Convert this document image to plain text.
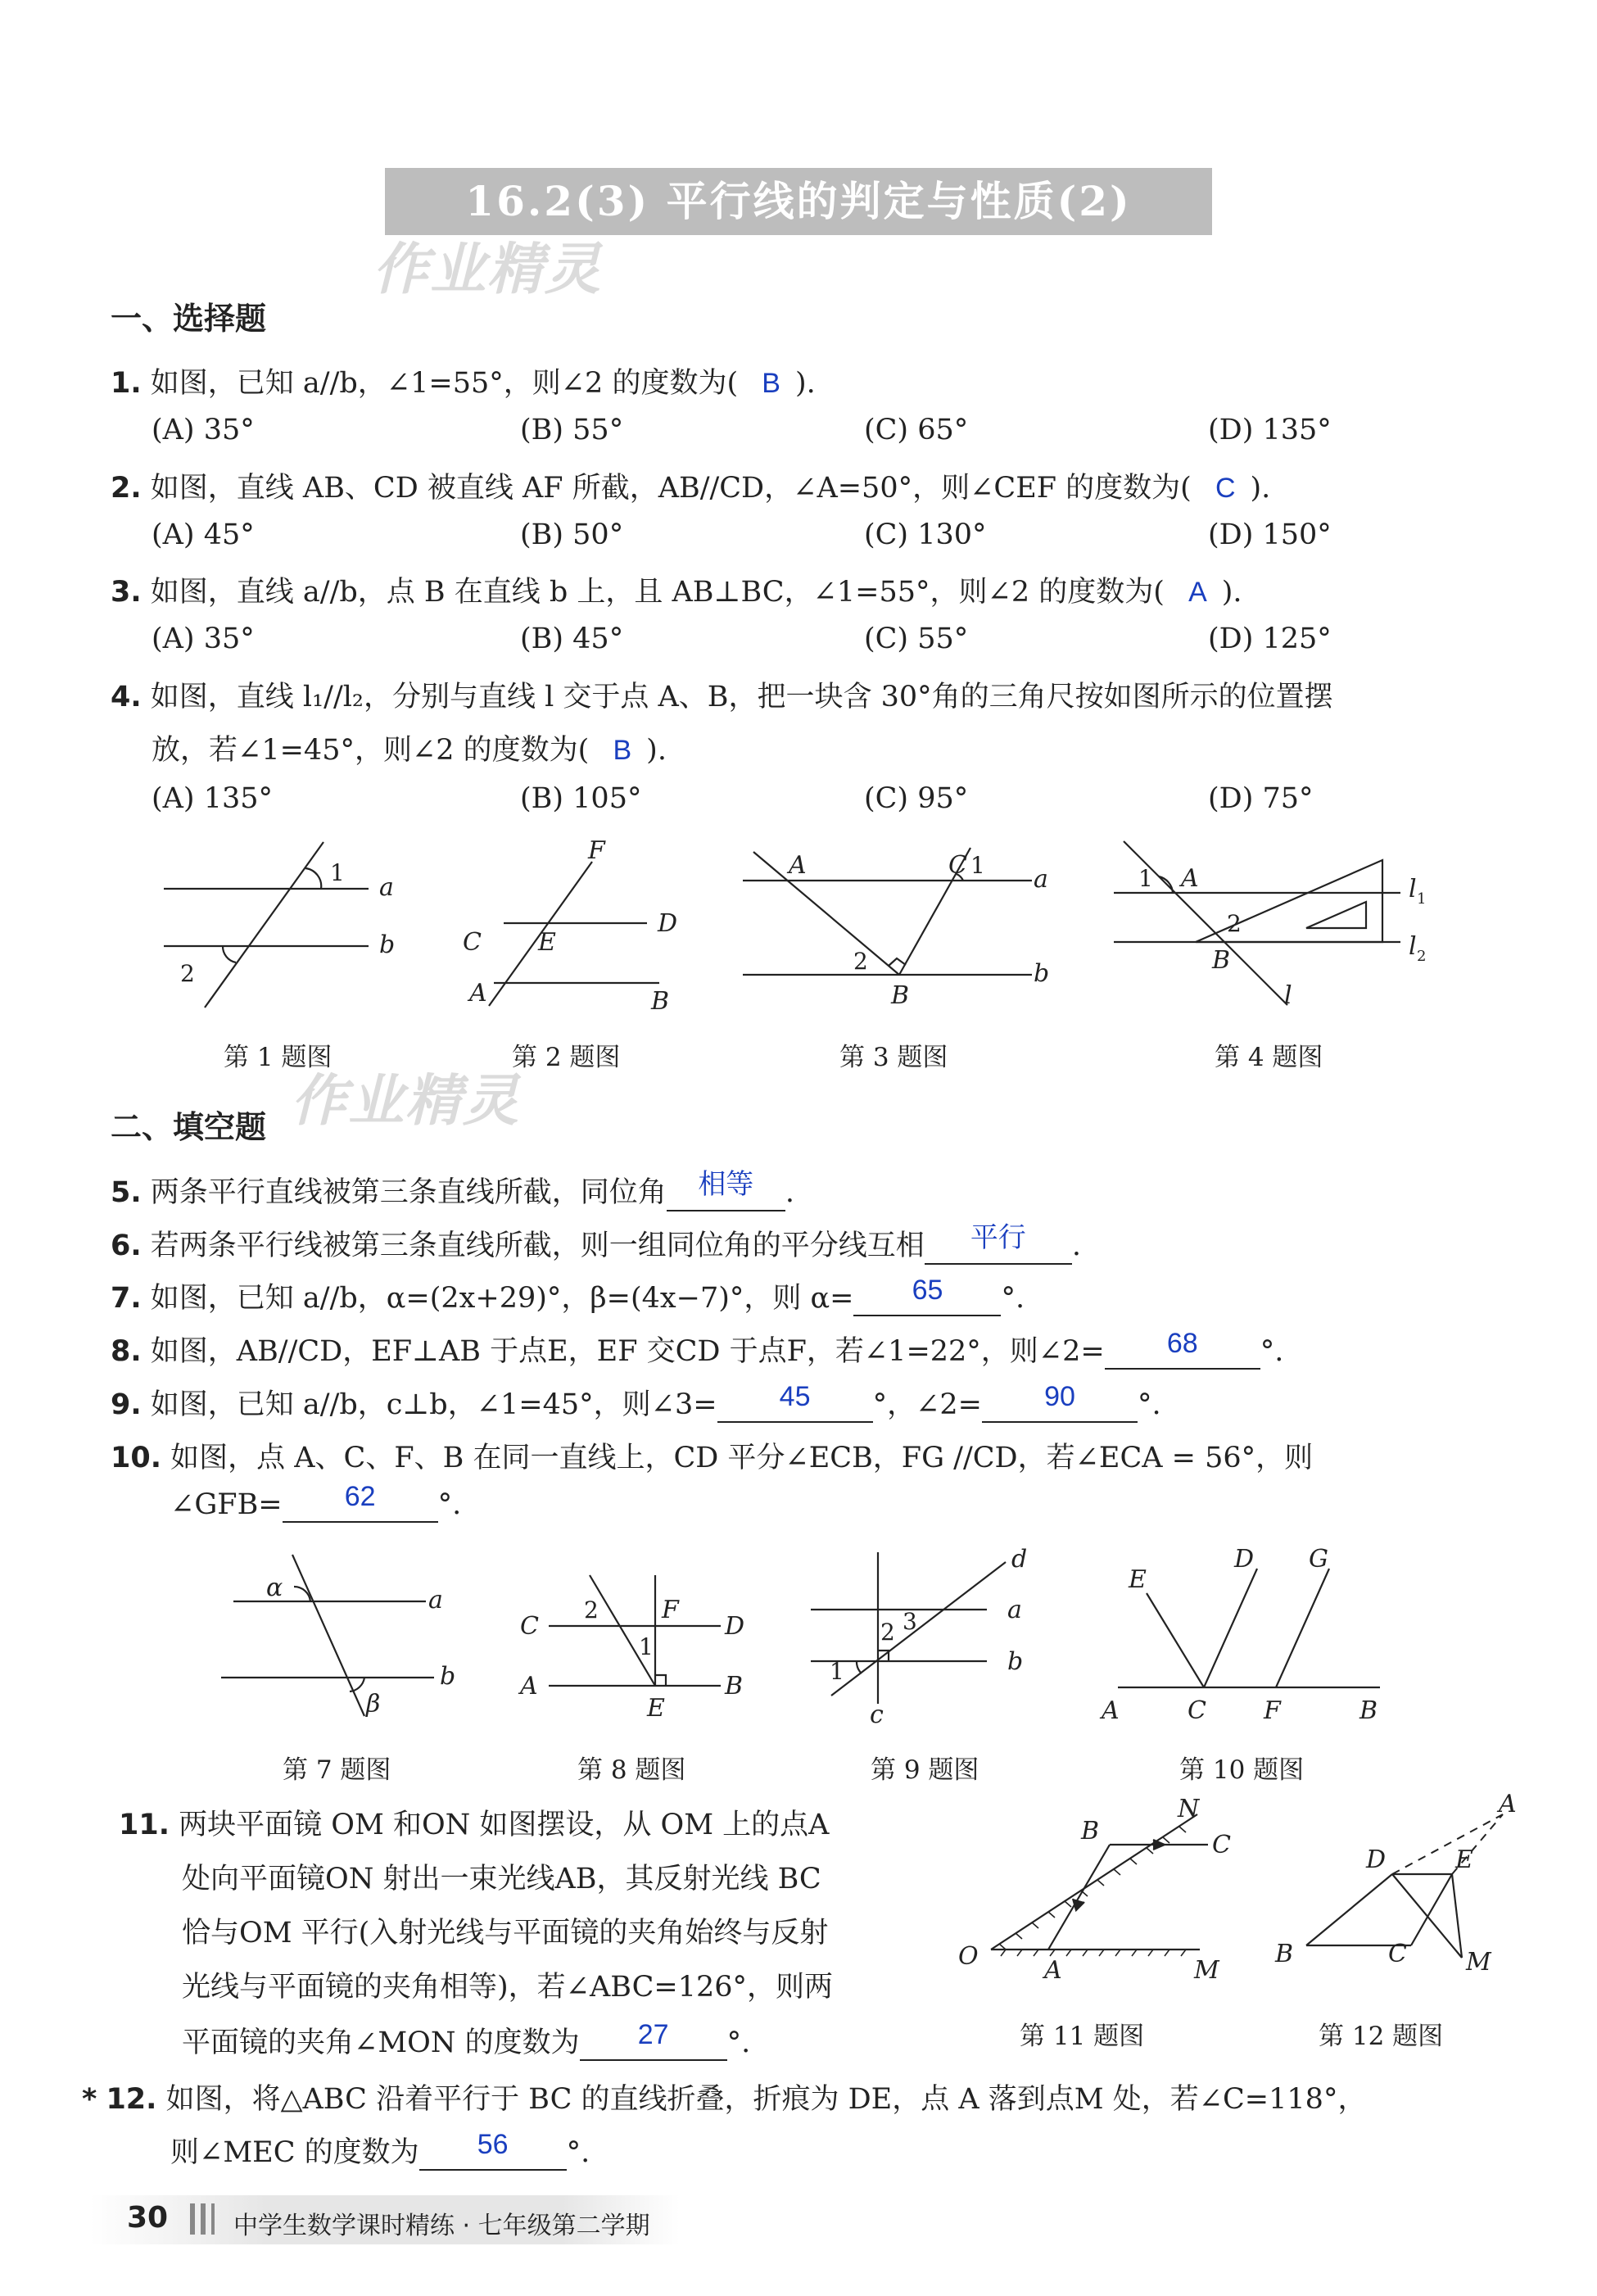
16.2(3) 平行线的判定与性质(2)
作业精灵
一、选择题
1. 如图，已知 a//b，∠1=55°，则∠2 的度数为( B ).
(A) 35°	(B) 55°	(C) 65°	(D) 135°
2. 如图，直线 AB、CD 被直线 AF 所截，AB//CD，∠A=50°，则∠CEF 的度数为( C ).
(A) 45°	(B) 50°	(C) 130°	(D) 150°
3. 如图，直线 a//b，点 B 在直线 b 上，且 AB⊥BC，∠1=55°，则∠2 的度数为( A ).
(A) 35°	(B) 45°	(C) 55°	(D) 125°
4. 如图，直线 l₁//l₂，分别与直线 l 交于点 A、B，把一块含 30°角的三角尺按如图所示的位置摆
放，若∠1=45°，则∠2 的度数为( B ).
(A) 135°	(B) 105°	(C) 95°	(D) 75°
1
a
b
2
F
D
C E
A	B
A	C 1 a
2
B
b
1 A	l 1
2
B	l 2
l
第 1 题图	第 2 题图	第 3 题图	第 4 题图
作业精灵
二、填空题
5. 两条平行直线被第三条直线所截，同位角 相等 .
6. 若两条平行线被第三条直线所截，则一组同位角的平分线互相 平行 .
7. 如图，已知 a//b，α=(2x+29)°，β=(4x−7)°，则 α= 65 °.
8. 如图，AB//CD，EF⊥AB 于点E，EF 交CD 于点F，若∠1=22°，则∠2= 68 °.
9. 如图，已知 a//b，c⊥b，∠1=45°，则∠3= 45 °，∠2= 90 °.
10. 如图，点 A、C、F、B 在同一直线上，CD 平分∠ECB，FG //CD，若∠ECA = 56°，则
∠GFB= 62 °.
α	a
b
β
C
2	F
D
1
A
E
B
d
a
2 3
b
1
c
E
D G
A	C F	B
第 7 题图	第 8 题图	第 9 题图	第 10 题图
11. 两块平面镜 OM 和ON 如图摆设，从 OM 上的点A
处向平面镜ON 射出一束光线AB，其反射光线 BC
恰与OM 平行(入射光线与平面镜的夹角始终与反射
光线与平面镜的夹角相等)，若∠ABC=126°，则两
平面镜的夹角∠MON 的度数为 27 °.
N
B	C
O	A	M
A
D	E
B	C M
第 11 题图	第 12 题图
* 12. 如图，将△ABC 沿着平行于 BC 的直线折叠，折痕为 DE，点 A 落到点M 处，若∠C=118°，
则∠MEC 的度数为 56 °.
30	中学生数学课时精练 · 七年级第二学期
